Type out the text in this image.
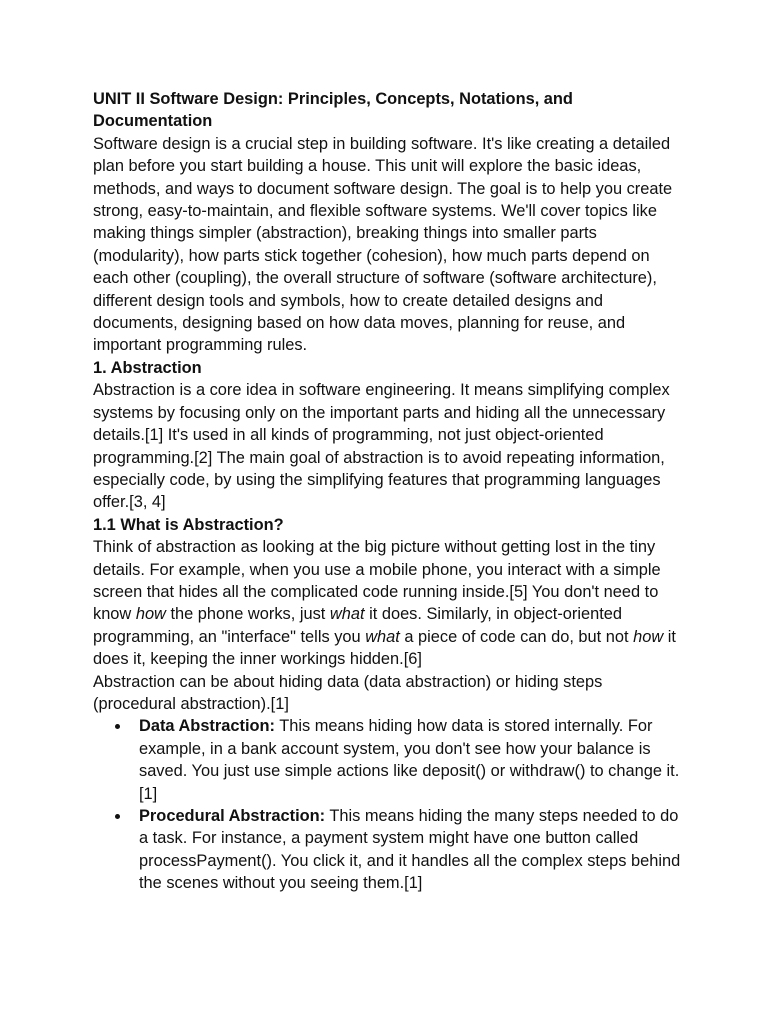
UNIT II Software Design: Principles, Concepts, Notations, and Documentation

Software design is a crucial step in building software. It's like creating a detailed plan before you start building a house. This unit will explore the basic ideas, methods, and ways to document software design. The goal is to help you create strong, easy-to-maintain, and flexible software systems. We'll cover topics like making things simpler (abstraction), breaking things into smaller parts (modularity), how parts stick together (cohesion), how much parts depend on each other (coupling), the overall structure of software (software architecture), different design tools and symbols, how to create detailed designs and documents, designing based on how data moves, planning for reuse, and important programming rules.

1. Abstraction

Abstraction is a core idea in software engineering. It means simplifying complex systems by focusing only on the important parts and hiding all the unnecessary details.[1] It's used in all kinds of programming, not just object-oriented programming.[2] The main goal of abstraction is to avoid repeating information, especially code, by using the simplifying features that programming languages offer.[3, 4]

1.1 What is Abstraction?

Think of abstraction as looking at the big picture without getting lost in the tiny details. For example, when you use a mobile phone, you interact with a simple screen that hides all the complicated code running inside.[5] You don't need to know how the phone works, just what it does. Similarly, in object-oriented programming, an "interface" tells you what a piece of code can do, but not how it does it, keeping the inner workings hidden.[6]

Abstraction can be about hiding data (data abstraction) or hiding steps (procedural abstraction).[1]

Data Abstraction: This means hiding how data is stored internally. For example, in a bank account system, you don't see how your balance is saved. You just use simple actions like deposit() or withdraw() to change it.[1]
Procedural Abstraction: This means hiding the many steps needed to do a task. For instance, a payment system might have one button called processPayment(). You click it, and it handles all the complex steps behind the scenes without you seeing them.[1]
